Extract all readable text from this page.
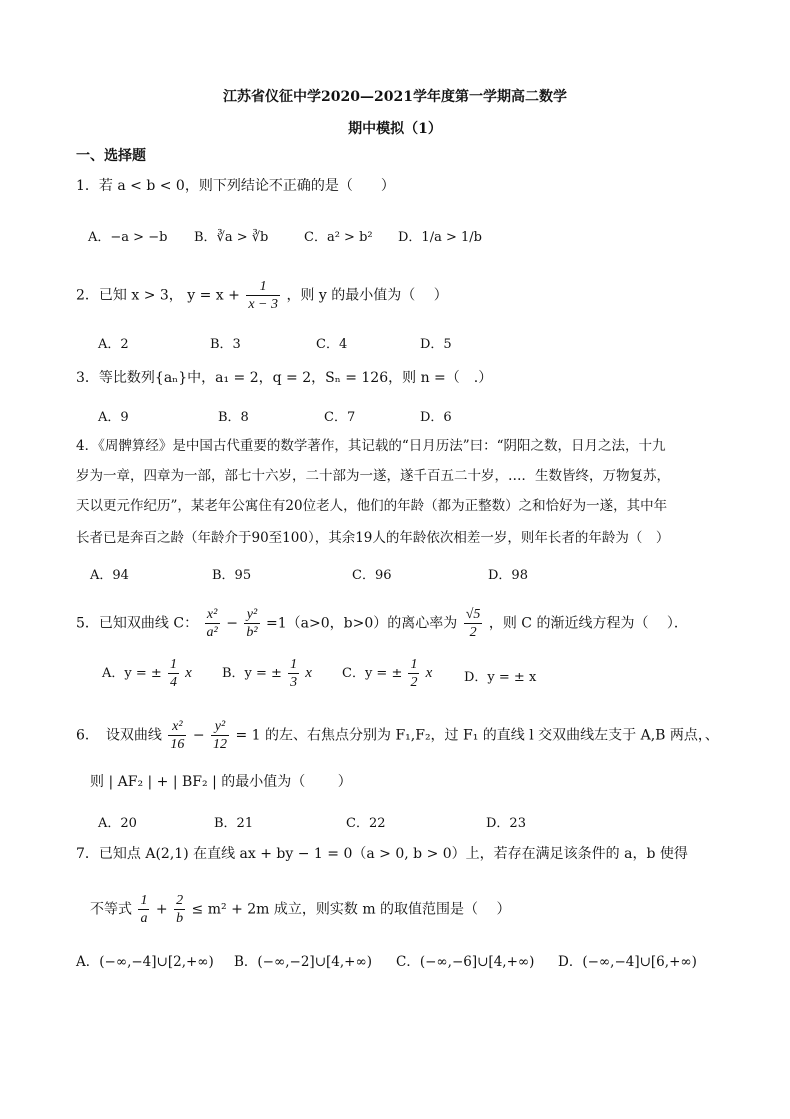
江苏省仪征中学2020—2021学年度第一学期高二数学
期中模拟（1）
一、选择题
1．若 a < b < 0，则下列结论不正确的是（　　）
A．−a > −b B．∛a > ∛b	C．a² > b² D．1/a > 1/b
2．已知 x > 3， $y = x + \frac{1}{x - 3}$ ，则 y 的最小值为（　 ）
A．2	B．3	C．4	D．5
3．等比数列{aₙ}中，a₁ = 2，q = 2，Sₙ = 126，则 n =（　.）
A．9	B．8	C．7	D．6
4．《周髀算经》是中国古代重要的数学著作，其记载的“日月历法”曰：“阴阳之数，日月之法，十九
岁为一章，四章为一部，部七十六岁，二十部为一遂，遂千百五二十岁，…．生数皆终，万物复苏，
天以更元作纪历”，某老年公寓住有20位老人，他们的年龄（都为正整数）之和恰好为一遂，其中年
长者已是奔百之龄（年龄介于90至100），其余19人的年龄依次相差一岁，则年长者的年龄为（　）
A．94	B．95	C．96	D．98
5．已知双曲线 C： $\frac{\text{x²}}{\text{a²}} - \frac{\text{y²}}{\text{b²}} =1(a>0$，b>0）的离心率为 $\frac{√5}{2}$ ，则 C 的渐近线方程为（　 ）．
A．y = ± $\frac{1}{4}$ x B．y = ± $\frac{1}{3}$ x C．y = ± $\frac{1}{2}$ x D．y = ± x
6．　设双曲线 $\frac{\text{x²}}{16} - \frac{\text{y²}}{12} = 1$ 的左、右焦点分别为 F₁,F₂，过 F₁ 的直线 l 交双曲线左支于 A,B 两点，、
则 | AF₂ | + | BF₂ | 的最小值为（　　 ）
A．20	B．21	C．22	D．23
7．已知点 A(2,1) 在直线 ax + by − 1 = 0（a > 0, b > 0）上，若存在满足该条件的 a，b 使得
不等式 $\frac{1}{a} + \frac{2}{b} \le m^2 + 2m$ 成立，则实数 m 的取值范围是（　 ）
A．(−∞,−4]∪[2,+∞) B．(−∞,−2]∪[4,+∞) C．(−∞,−6]∪[4,+∞) D．(−∞,−4]∪[6,+∞)
